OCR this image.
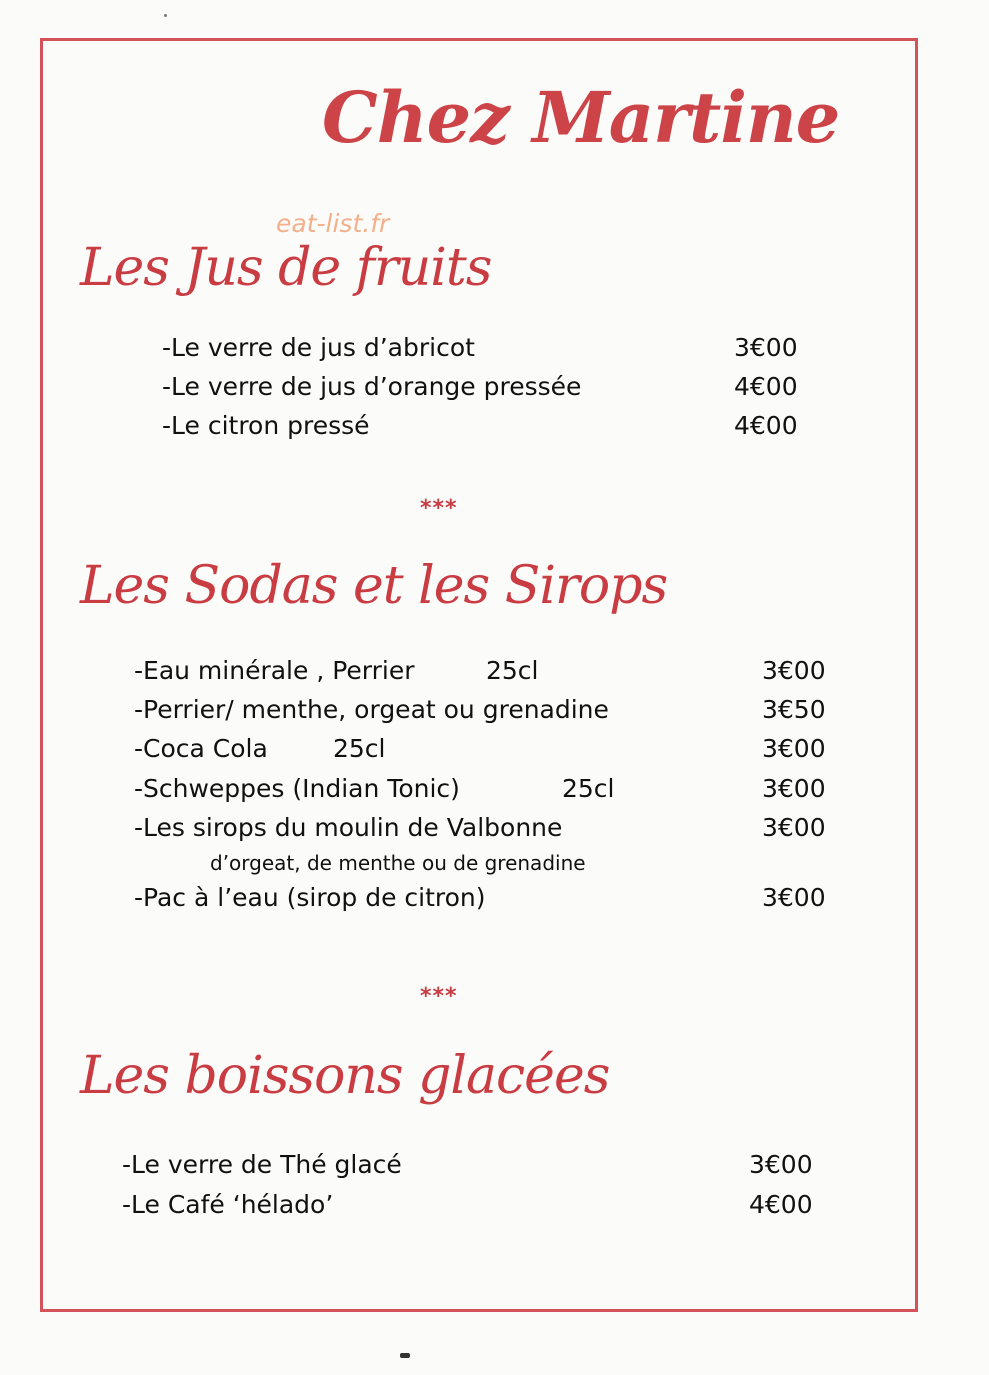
Chez Martine
eat-list.fr
Les Jus de fruits
-Le verre de jus d’abricot	3€00
-Le verre de jus d’orange pressée	4€00
-Le citron pressé	4€00
***
Les Sodas et les Sirops
-Eau minérale , Perrier	25cl	3€00
-Perrier/ menthe, orgeat ou grenadine	3€50
-Coca Cola	25cl	3€00
-Schweppes (Indian Tonic)	25cl	3€00
-Les sirops du moulin de Valbonne	3€00
d’orgeat, de menthe ou de grenadine
-Pac à l’eau (sirop de citron)	3€00
***
Les boissons glacées
-Le verre de Thé glacé	3€00
-Le Café ‘hélado’	4€00
